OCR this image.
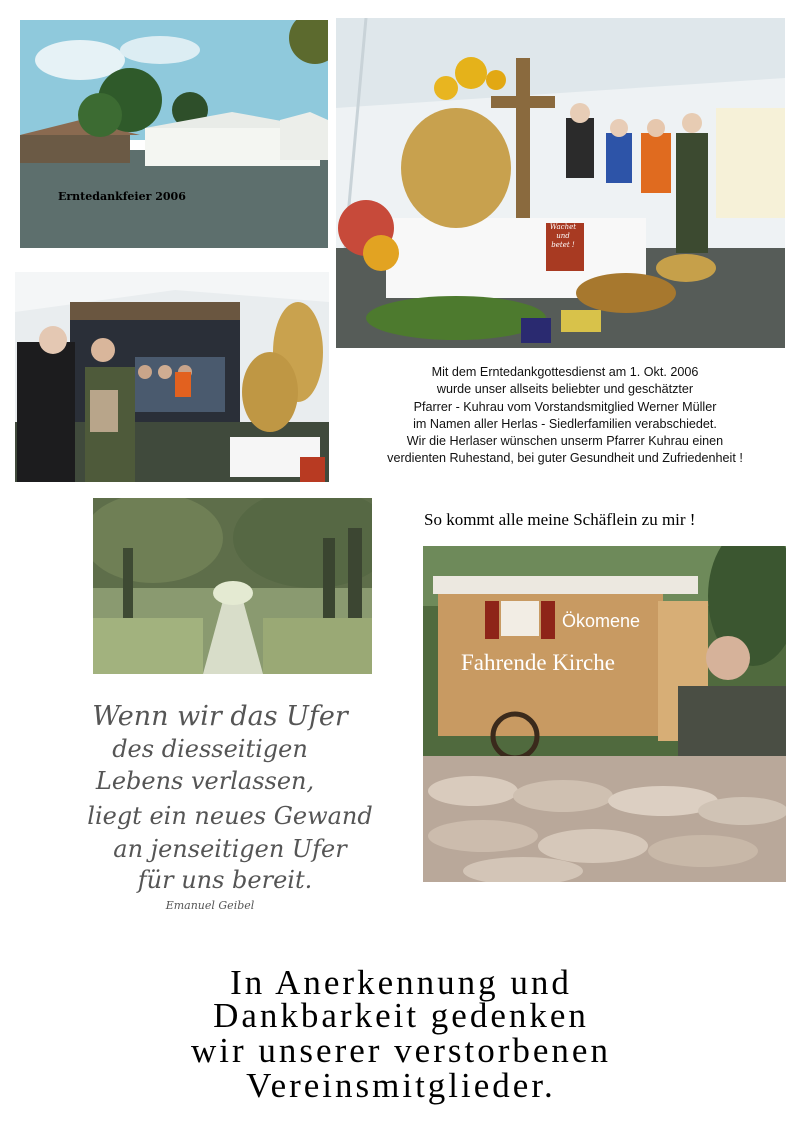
Erntedankfeier 2006
Wachet
und
betet !
Mit dem Erntedankgottesdienst am 1. Okt. 2006
wurde unser allseits beliebter und geschätzter
Pfarrer - Kuhrau vom Vorstandsmitglied Werner Müller
im Namen aller Herlas - Siedlerfamilien verabschiedet.
Wir die Herlaser wünschen unserm Pfarrer Kuhrau einen
verdienten Ruhestand, bei guter Gesundheit und Zufriedenheit !
So kommt alle meine Schäflein zu mir !
Ökomene
Fahrende Kirche
Wenn wir das Ufer
des diesseitigen
Lebens verlassen,
liegt ein neues Gewand
an jenseitigen Ufer
für uns bereit.
Emanuel Geibel
In Anerkennung und
Dankbarkeit gedenken
wir unserer verstorbenen
Vereinsmitglieder.
